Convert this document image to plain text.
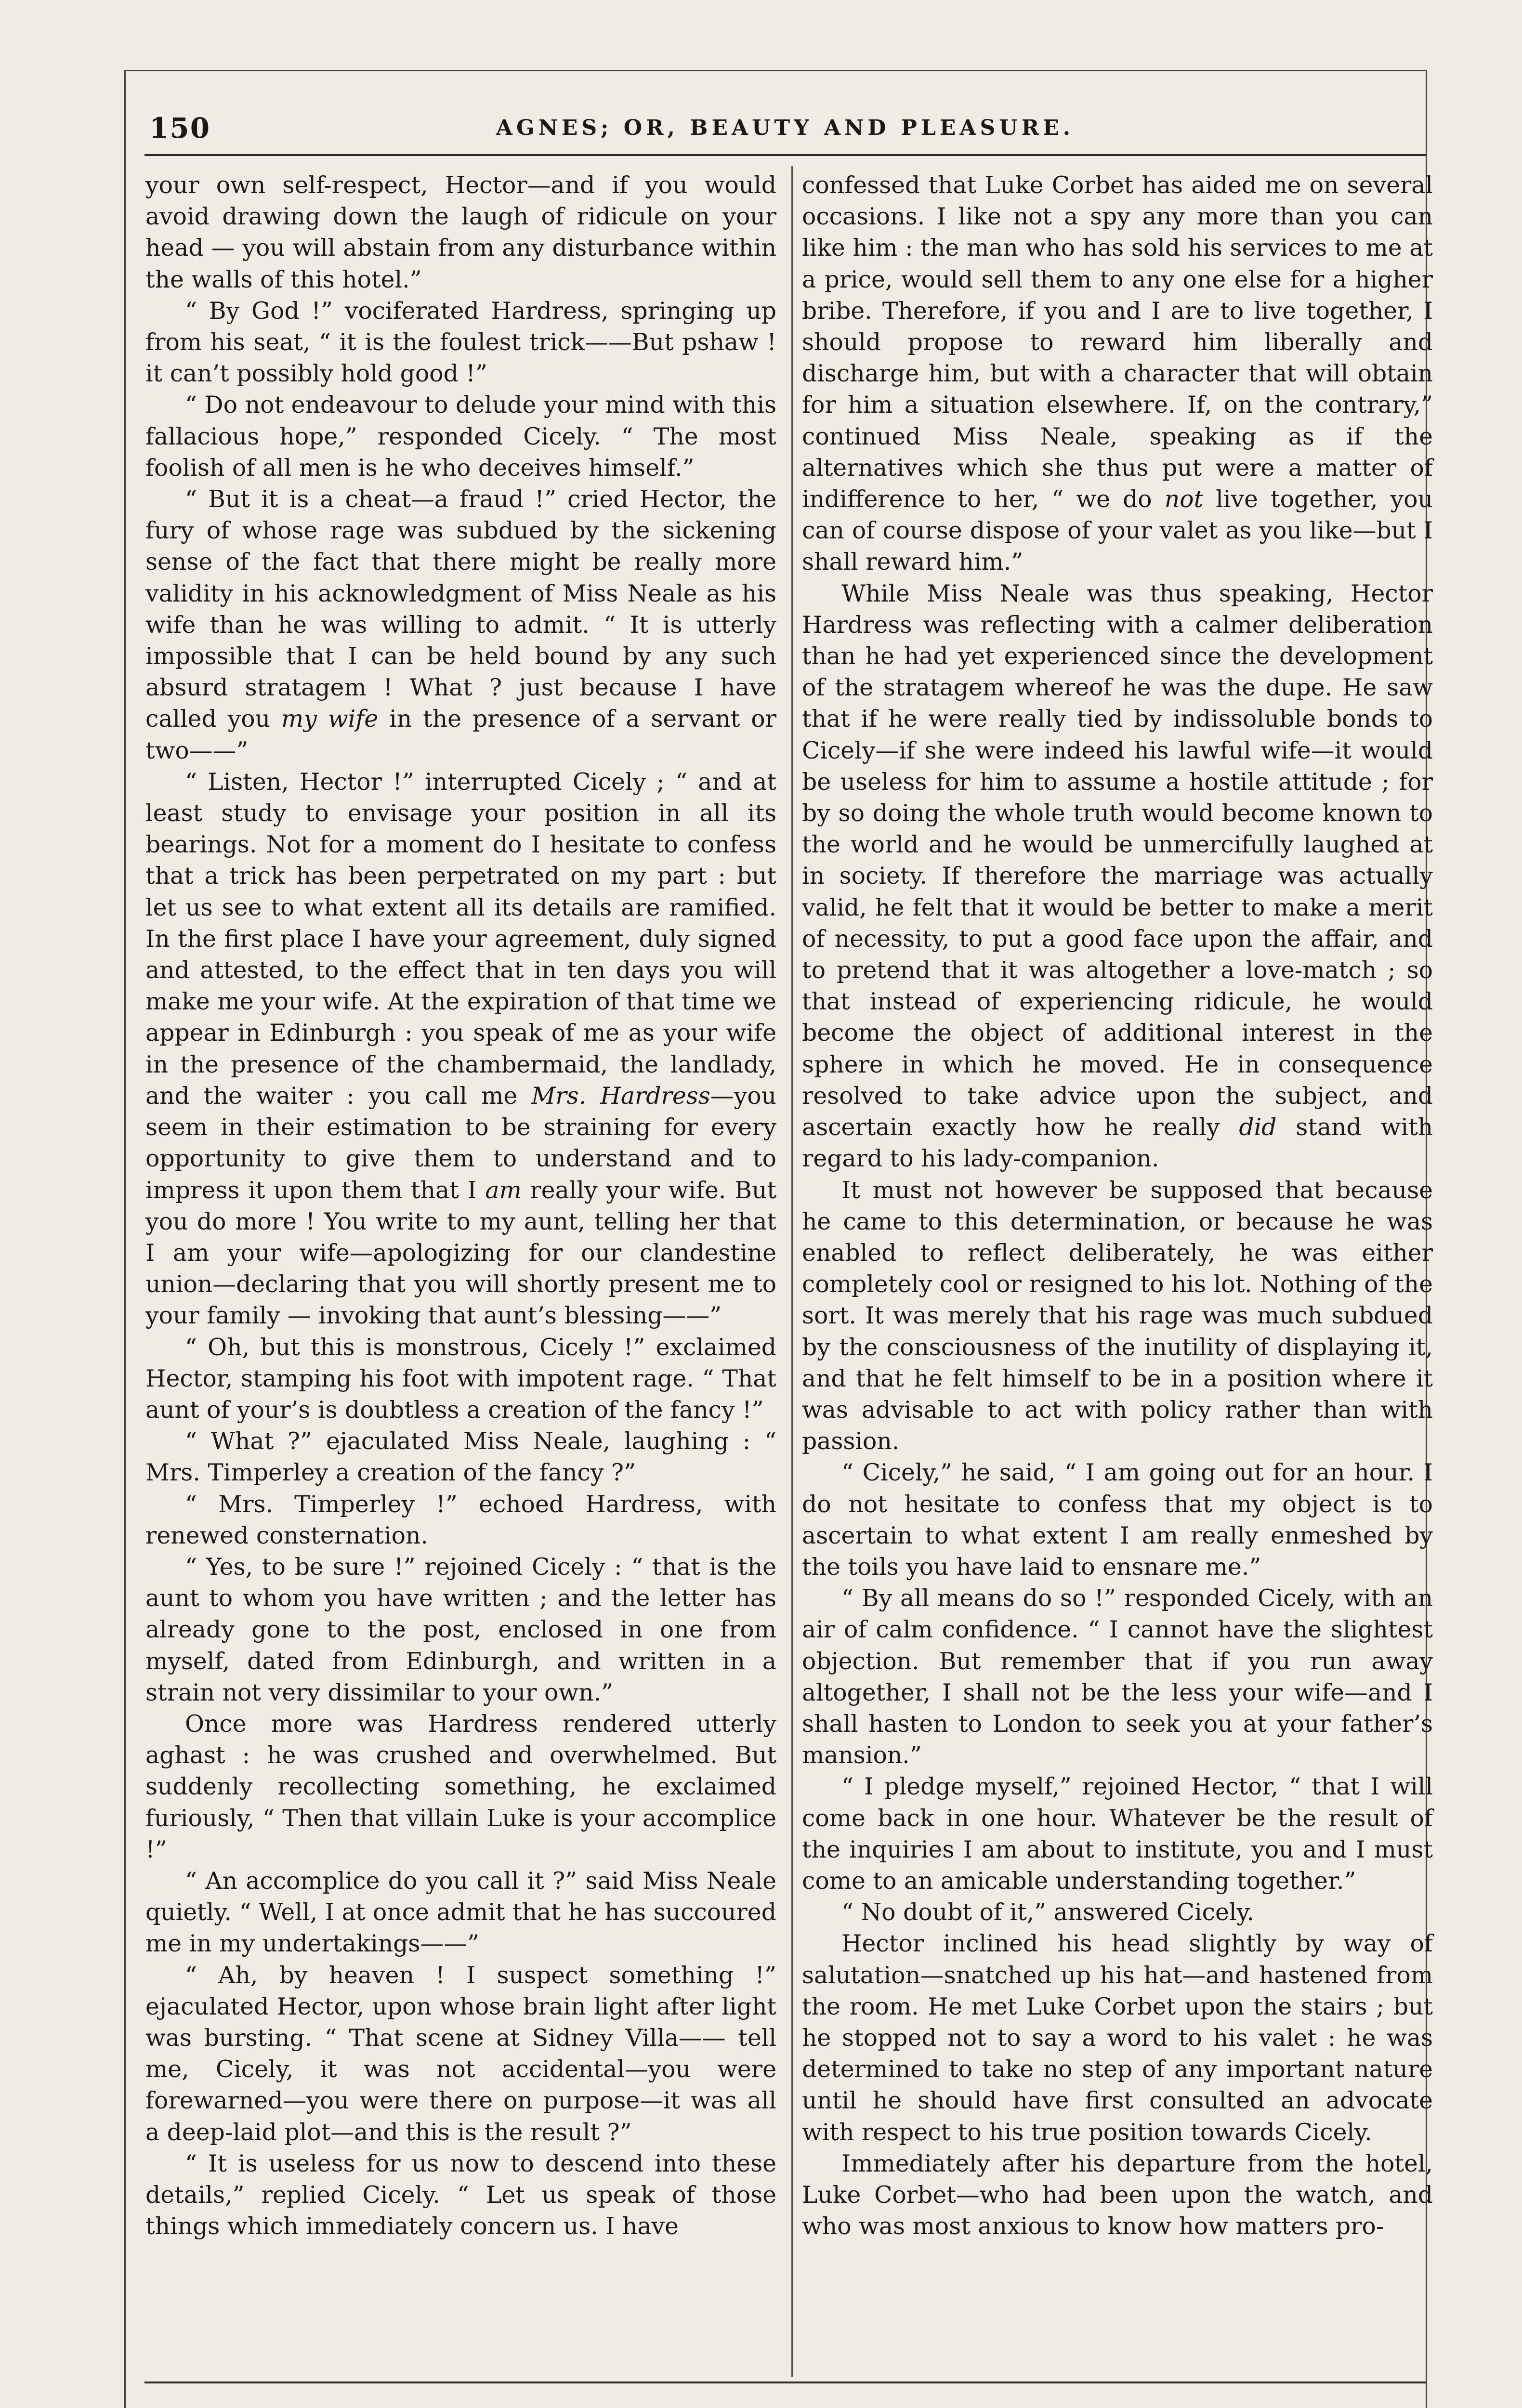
150	AGNES; OR, BEAUTY AND PLEASURE.

your own self-respect, Hector—and if you would avoid drawing down the laugh of ridicule on your head — you will abstain from any disturbance within the walls of this hotel.”

“ By God !” vociferated Hardress, springing up from his seat, “ it is the foulest trick——But pshaw ! it can’t possibly hold good !”

“ Do not endeavour to delude your mind with this fallacious hope,” responded Cicely. “ The most foolish of all men is he who deceives himself.”

“ But it is a cheat—a fraud !” cried Hector, the fury of whose rage was subdued by the sickening sense of the fact that there might be really more validity in his acknowledgment of Miss Neale as his wife than he was willing to admit. “ It is utterly impossible that I can be held bound by any such absurd stratagem ! What ? just because I have called you my wife in the presence of a servant or two——”

“ Listen, Hector !” interrupted Cicely ; “ and at least study to envisage your position in all its bearings. Not for a moment do I hesitate to confess that a trick has been perpetrated on my part : but let us see to what extent all its details are ramified. In the first place I have your agreement, duly signed and attested, to the effect that in ten days you will make me your wife. At the expiration of that time we appear in Edinburgh : you speak of me as your wife in the presence of the chambermaid, the landlady, and the waiter : you call me Mrs. Hardress—you seem in their estimation to be straining for every opportunity to give them to understand and to impress it upon them that I am really your wife. But you do more ! You write to my aunt, telling her that I am your wife—apologizing for our clandestine union—declaring that you will shortly present me to your family — invoking that aunt’s blessing——”

“ Oh, but this is monstrous, Cicely !” exclaimed Hector, stamping his foot with impotent rage. “ That aunt of your’s is doubtless a creation of the fancy !”

“ What ?” ejaculated Miss Neale, laughing : “ Mrs. Timperley a creation of the fancy ?”

“ Mrs. Timperley !” echoed Hardress, with renewed consternation.

“ Yes, to be sure !” rejoined Cicely : “ that is the aunt to whom you have written ; and the letter has already gone to the post, enclosed in one from myself, dated from Edinburgh, and written in a strain not very dissimilar to your own.”

Once more was Hardress rendered utterly aghast : he was crushed and overwhelmed. But suddenly recollecting something, he exclaimed furiously, “ Then that villain Luke is your accomplice !”

“ An accomplice do you call it ?” said Miss Neale quietly. “ Well, I at once admit that he has succoured me in my undertakings——”

“ Ah, by heaven ! I suspect something !” ejaculated Hector, upon whose brain light after light was bursting. “ That scene at Sidney Villa—— tell me, Cicely, it was not accidental—you were forewarned—you were there on purpose—it was all a deep-laid plot—and this is the result ?”

“ It is useless for us now to descend into these details,” replied Cicely. “ Let us speak of those things which immediately concern us. I have

confessed that Luke Corbet has aided me on several occasions. I like not a spy any more than you can like him : the man who has sold his services to me at a price, would sell them to any one else for a higher bribe. Therefore, if you and I are to live together, I should propose to reward him liberally and discharge him, but with a character that will obtain for him a situation elsewhere. If, on the contrary,” continued Miss Neale, speaking as if the alternatives which she thus put were a matter of indifference to her, “ we do not live together, you can of course dispose of your valet as you like—but I shall reward him.”

While Miss Neale was thus speaking, Hector Hardress was reflecting with a calmer deliberation than he had yet experienced since the development of the stratagem whereof he was the dupe. He saw that if he were really tied by indissoluble bonds to Cicely—if she were indeed his lawful wife—it would be useless for him to assume a hostile attitude ; for by so doing the whole truth would become known to the world and he would be unmercifully laughed at in society. If therefore the marriage was actually valid, he felt that it would be better to make a merit of necessity, to put a good face upon the affair, and to pretend that it was altogether a love-match ; so that instead of experiencing ridicule, he would become the object of additional interest in the sphere in which he moved. He in consequence resolved to take advice upon the subject, and ascertain exactly how he really did stand with regard to his lady-companion.

It must not however be supposed that because he came to this determination, or because he was enabled to reflect deliberately, he was either completely cool or resigned to his lot. Nothing of the sort. It was merely that his rage was much subdued by the consciousness of the inutility of displaying it, and that he felt himself to be in a position where it was advisable to act with policy rather than with passion.

“ Cicely,” he said, “ I am going out for an hour. I do not hesitate to confess that my object is to ascertain to what extent I am really enmeshed by the toils you have laid to ensnare me.”

“ By all means do so !” responded Cicely, with an air of calm confidence. “ I cannot have the slightest objection. But remember that if you run away altogether, I shall not be the less your wife—and I shall hasten to London to seek you at your father’s mansion.”

“ I pledge myself,” rejoined Hector, “ that I will come back in one hour. Whatever be the result of the inquiries I am about to institute, you and I must come to an amicable understanding together.”

“ No doubt of it,” answered Cicely.

Hector inclined his head slightly by way of salutation—snatched up his hat—and hastened from the room. He met Luke Corbet upon the stairs ; but he stopped not to say a word to his valet : he was determined to take no step of any important nature until he should have first consulted an advocate with respect to his true position towards Cicely.

Immediately after his departure from the hotel, Luke Corbet—who had been upon the watch, and who was most anxious to know how matters pro-
